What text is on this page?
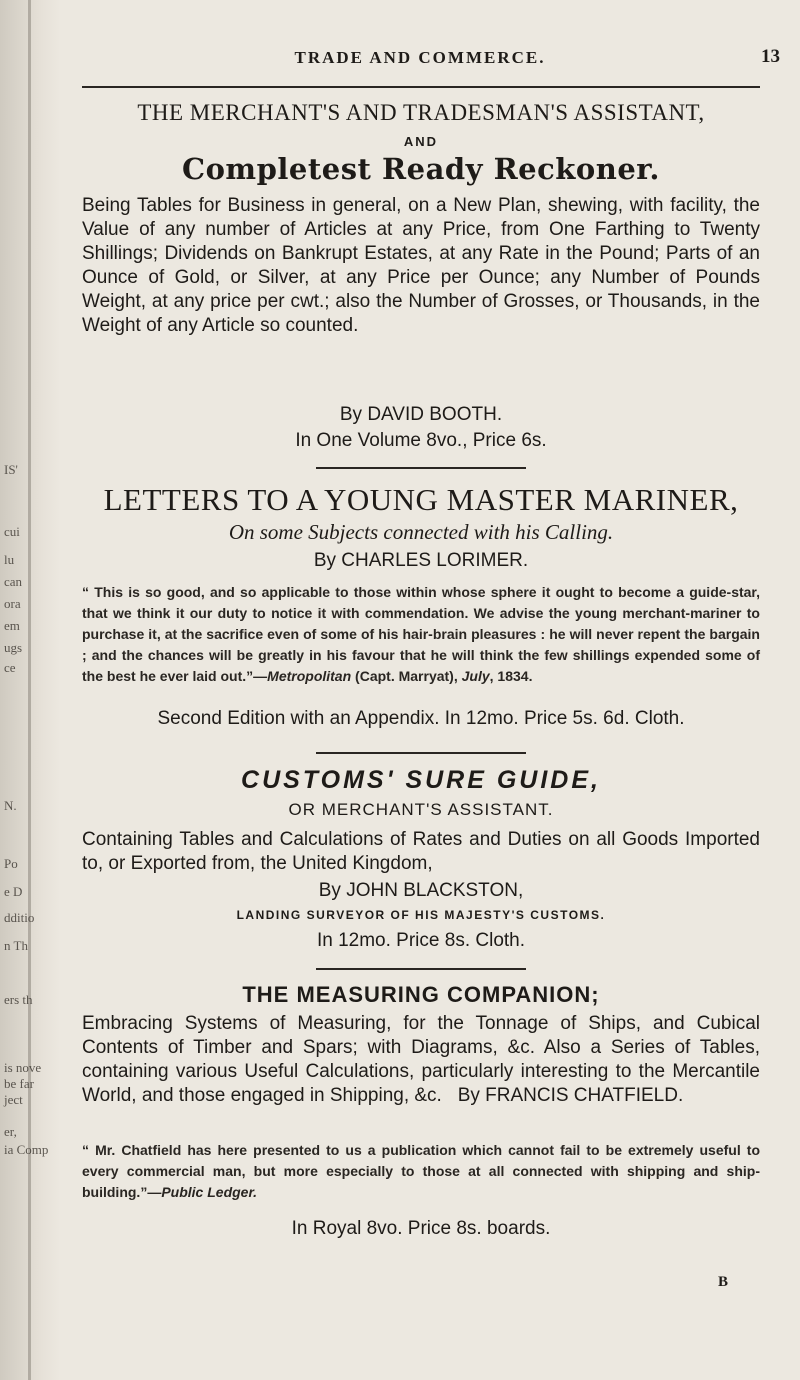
IS'
cui
lu
can
ora
em
ugs
ce
N.
Po
e D
dditio
n Th
ers th
is nove
be far
ject
er,
ia Comp
TRADE AND COMMERCE.	13
THE MERCHANT'S AND TRADESMAN'S ASSISTANT,
AND
Completest Ready Reckoner.
Being Tables for Business in general, on a New Plan, shewing, with facility, the Value of any number of Articles at any Price, from One Farthing to Twenty Shillings; Dividends on Bankrupt Estates, at any Rate in the Pound; Parts of an Ounce of Gold, or Silver, at any Price per Ounce; any Number of Pounds Weight, at any price per cwt.; also the Number of Grosses, or Thousands, in the Weight of any Article so counted.
By DAVID BOOTH.
In One Volume 8vo., Price 6s.
LETTERS TO A YOUNG MASTER MARINER,
On some Subjects connected with his Calling.
By CHARLES LORIMER.
“ This is so good, and so applicable to those within whose sphere it ought to become a guide-star, that we think it our duty to notice it with commendation. We advise the young merchant-mariner to purchase it, at the sacrifice even of some of his hair-brain pleasures : he will never repent the bargain ; and the chances will be greatly in his favour that he will think the few shillings expended some of the best he ever laid out.”—Metropolitan (Capt. Marryat), July, 1834.
Second Edition with an Appendix. In 12mo. Price 5s. 6d. Cloth.
CUSTOMS' SURE GUIDE,
OR MERCHANT'S ASSISTANT.
Containing Tables and Calculations of Rates and Duties on all Goods Imported to, or Exported from, the United Kingdom,
By JOHN BLACKSTON,
LANDING SURVEYOR OF HIS MAJESTY'S CUSTOMS.
In 12mo. Price 8s. Cloth.
THE MEASURING COMPANION;
Embracing Systems of Measuring, for the Tonnage of Ships, and Cubical Contents of Timber and Spars; with Diagrams, &c. Also a Series of Tables, containing various Useful Calculations, particularly interesting to the Mercantile World, and those engaged in Shipping, &c. By FRANCIS CHATFIELD.
“ Mr. Chatfield has here presented to us a publication which cannot fail to be extremely useful to every commercial man, but more especially to those at all connected with shipping and ship-building.”—Public Ledger.
In Royal 8vo. Price 8s. boards.
B
